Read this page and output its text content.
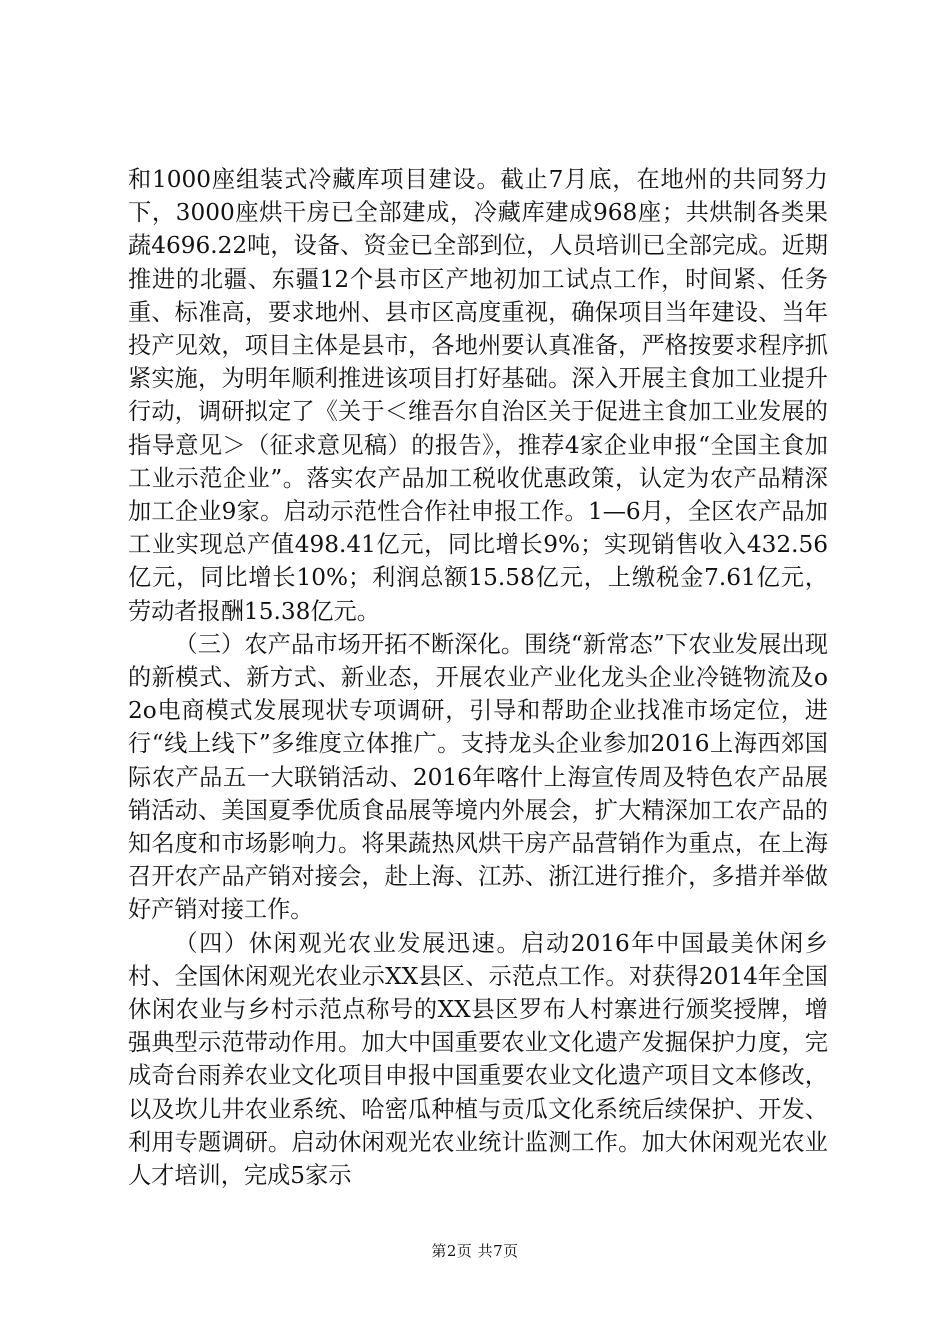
和1000座组装式冷藏库项目建设。截止7月底，在地州的共同努力下，3000座烘干房已全部建成，冷藏库建成968座；共烘制各类果蔬4696.22吨，设备、资金已全部到位，人员培训已全部完成。近期推进的北疆、东疆12个县市区产地初加工试点工作，时间紧、任务重、标准高，要求地州、县市区高度重视，确保项目当年建设、当年投产见效，项目主体是县市，各地州要认真准备，严格按要求程序抓紧实施，为明年顺利推进该项目打好基础。深入开展主食加工业提升行动，调研拟定了《关于＜维吾尔自治区关于促进主食加工业发展的指导意见＞（征求意见稿）的报告》，推荐4家企业申报“全国主食加工业示范企业”。落实农产品加工税收优惠政策，认定为农产品精深加工企业9家。启动示范性合作社申报工作。1—6月，全区农产品加工业实现总产值498.41亿元，同比增长9%；实现销售收入432.56亿元，同比增长10%；利润总额15.58亿元，上缴税金7.61亿元，劳动者报酬15.38亿元。

（三）农产品市场开拓不断深化。围绕“新常态”下农业发展出现的新模式、新方式、新业态，开展农业产业化龙头企业冷链物流及o2o电商模式发展现状专项调研，引导和帮助企业找准市场定位，进行“线上线下”多维度立体推广。支持龙头企业参加2016上海西郊国际农产品五一大联销活动、2016年喀什上海宣传周及特色农产品展销活动、美国夏季优质食品展等境内外展会，扩大精深加工农产品的知名度和市场影响力。将果蔬热风烘干房产品营销作为重点，在上海召开农产品产销对接会，赴上海、江苏、浙江进行推介，多措并举做好产销对接工作。

（四）休闲观光农业发展迅速。启动2016年中国最美休闲乡村、全国休闲观光农业示XX县区、示范点工作。对获得2014年全国休闲农业与乡村示范点称号的XX县区罗布人村寨进行颁奖授牌，增强典型示范带动作用。加大中国重要农业文化遗产发掘保护力度，完成奇台雨养农业文化项目申报中国重要农业文化遗产项目文本修改，以及坎儿井农业系统、哈密瓜种植与贡瓜文化系统后续保护、开发、利用专题调研。启动休闲观光农业统计监测工作。加大休闲观光农业人才培训，完成5家示

第2页 共7页
